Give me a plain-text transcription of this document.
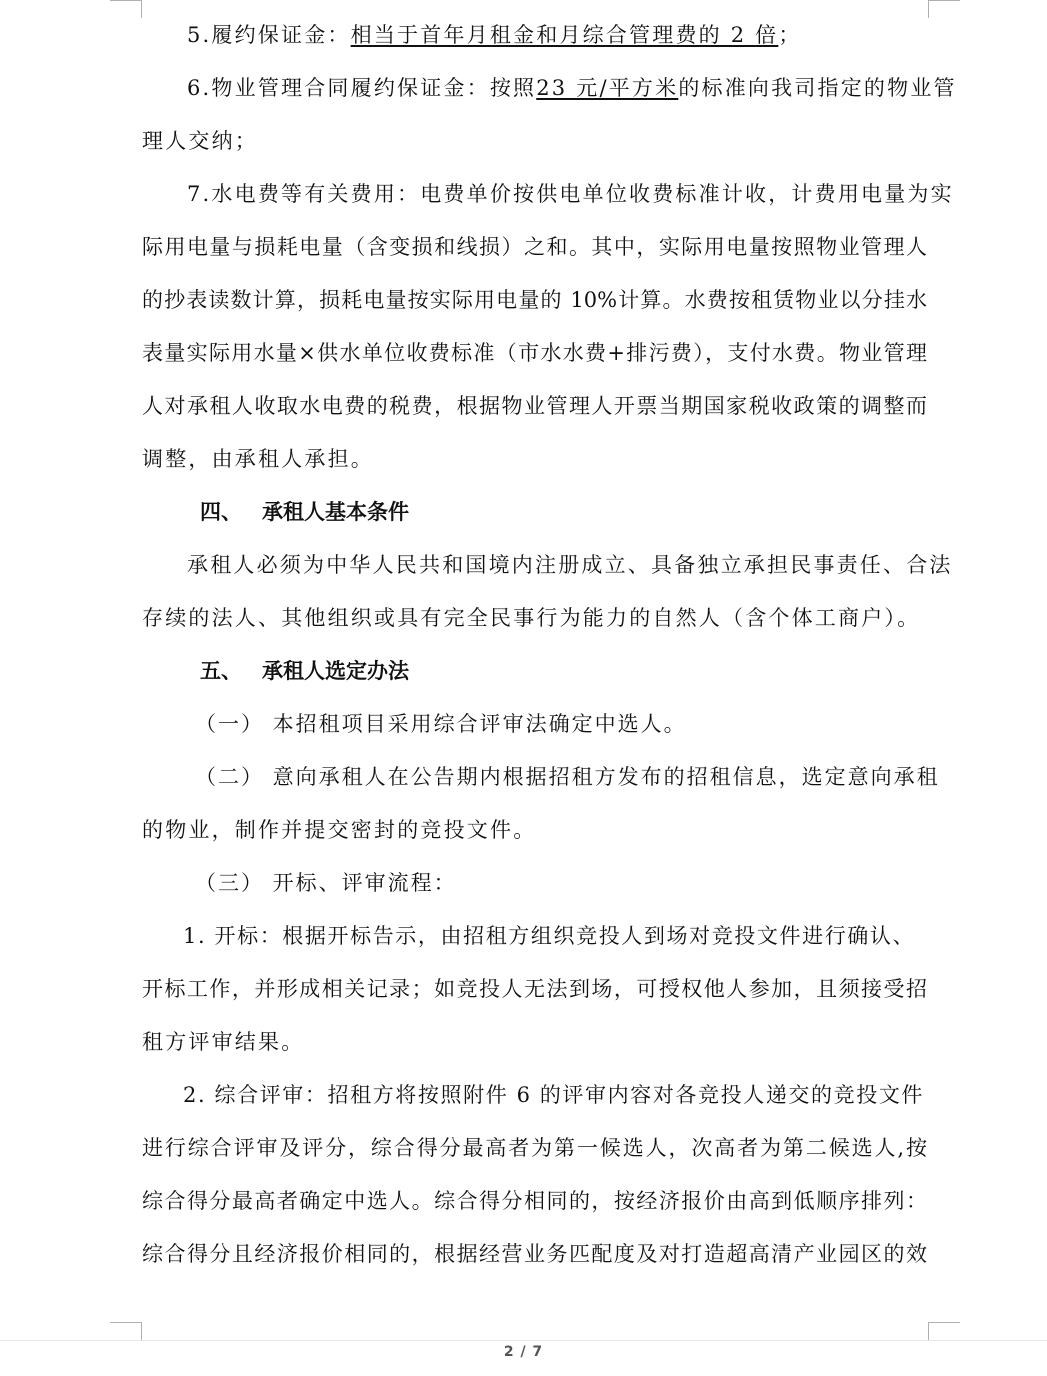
5.履约保证金：相当于首年月租金和月综合管理费的 2 倍；
6.物业管理合同履约保证金：按照23 元/平方米的标准向我司指定的物业管
理人交纳；
7.水电费等有关费用：电费单价按供电单位收费标准计收，计费用电量为实
际用电量与损耗电量（含变损和线损）之和。其中，实际用电量按照物业管理人
的抄表读数计算，损耗电量按实际用电量的 10%计算。水费按租赁物业以分挂水
表量实际用水量×供水单位收费标准（市水水费+排污费），支付水费。物业管理
人对承租人收取水电费的税费，根据物业管理人开票当期国家税收政策的调整而
调整，由承租人承担。
四、 承租人基本条件
承租人必须为中华人民共和国境内注册成立、具备独立承担民事责任、合法
存续的法人、其他组织或具有完全民事行为能力的自然人（含个体工商户）。
五、 承租人选定办法
（一） 本招租项目采用综合评审法确定中选人。
（二） 意向承租人在公告期内根据招租方发布的招租信息，选定意向承租
的物业，制作并提交密封的竞投文件。
（三） 开标、评审流程：
1. 开标：根据开标告示，由招租方组织竞投人到场对竞投文件进行确认、
开标工作，并形成相关记录；如竞投人无法到场，可授权他人参加，且须接受招
租方评审结果。
2. 综合评审：招租方将按照附件 6 的评审内容对各竞投人递交的竞投文件
进行综合评审及评分，综合得分最高者为第一候选人，次高者为第二候选人,按
综合得分最高者确定中选人。综合得分相同的，按经济报价由高到低顺序排列：
综合得分且经济报价相同的，根据经营业务匹配度及对打造超高清产业园区的效
2 / 7
